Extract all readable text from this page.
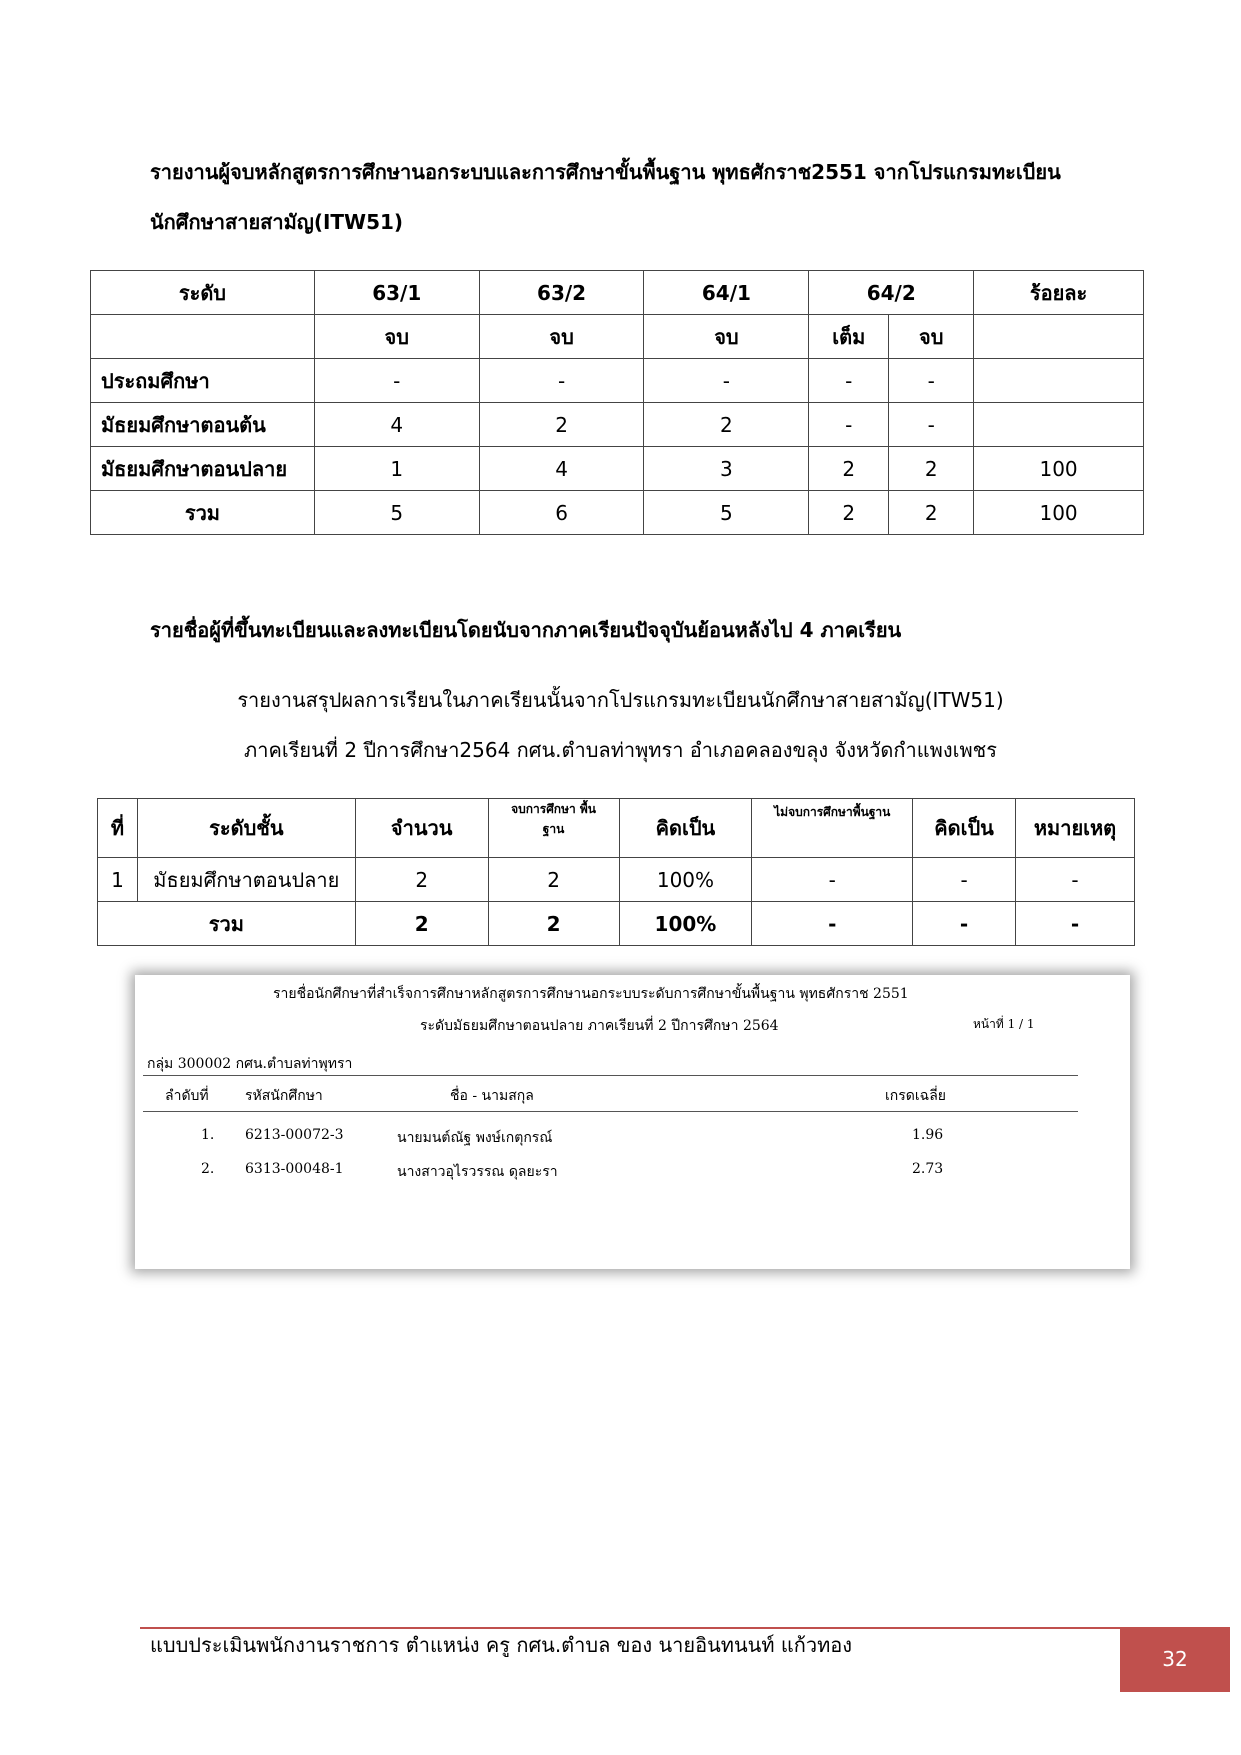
รายงานผู้จบหลักสูตรการศึกษานอกระบบและการศึกษาขั้นพื้นฐาน พุทธศักราช2551 จากโปรแกรมทะเบียน
นักศึกษาสายสามัญ(ITW51)
ระดับ	63/1	63/2	64/1	64/2		ร้อยละ
	จบ	จบ	จบ	เต็ม	จบ	
ประถมศึกษา	-	-	-	-	-	
มัธยมศึกษาตอนต้น	4	2	2	-	-	
มัธยมศึกษาตอนปลาย	1	4	3	2	2	100
รวม	5	6	5	2	2	100
รายชื่อผู้ที่ขึ้นทะเบียนและลงทะเบียนโดยนับจากภาคเรียนปัจจุบันย้อนหลังไป 4 ภาคเรียน
รายงานสรุปผลการเรียนในภาคเรียนนั้นจากโปรแกรมทะเบียนนักศึกษาสายสามัญ(ITW51)
ภาคเรียนที่ 2 ปีการศึกษา2564 กศน.ตำบลท่าพุทรา อำเภอคลองขลุง จังหวัดกำแพงเพชร
ที่	ระดับชั้น	จำนวน	จบการศึกษา พื้นฐาน	คิดเป็น	ไม่จบการศึกษาพื้นฐาน	คิดเป็น	หมายเหตุ
1	มัธยมศึกษาตอนปลาย	2	2	100%	-	-	-
รวม		2	2	100%	-	-	-
รายชื่อนักศึกษาที่สำเร็จการศึกษาหลักสูตรการศึกษานอกระบบระดับการศึกษาขั้นพื้นฐาน พุทธศักราช 2551
ระดับมัธยมศึกษาตอนปลาย ภาคเรียนที่ 2 ปีการศึกษา 2564	หน้าที่ 1 / 1
กลุ่ม 300002 กศน.ตำบลท่าพุทรา
ลำดับที่	รหัสนักศึกษา	ชื่อ - นามสกุล	เกรดเฉลี่ย
1. 6213-00072-3	นายมนต์ณัฐ พงษ์เกตุกรณ์	1.96
2. 6313-00048-1	นางสาวอุไรวรรณ ดุลยะรา	2.73
แบบประเมินพนักงานราชการ ตำแหน่ง ครู กศน.ตำบล ของ นายอินทนนท์ แก้วทอง
32
